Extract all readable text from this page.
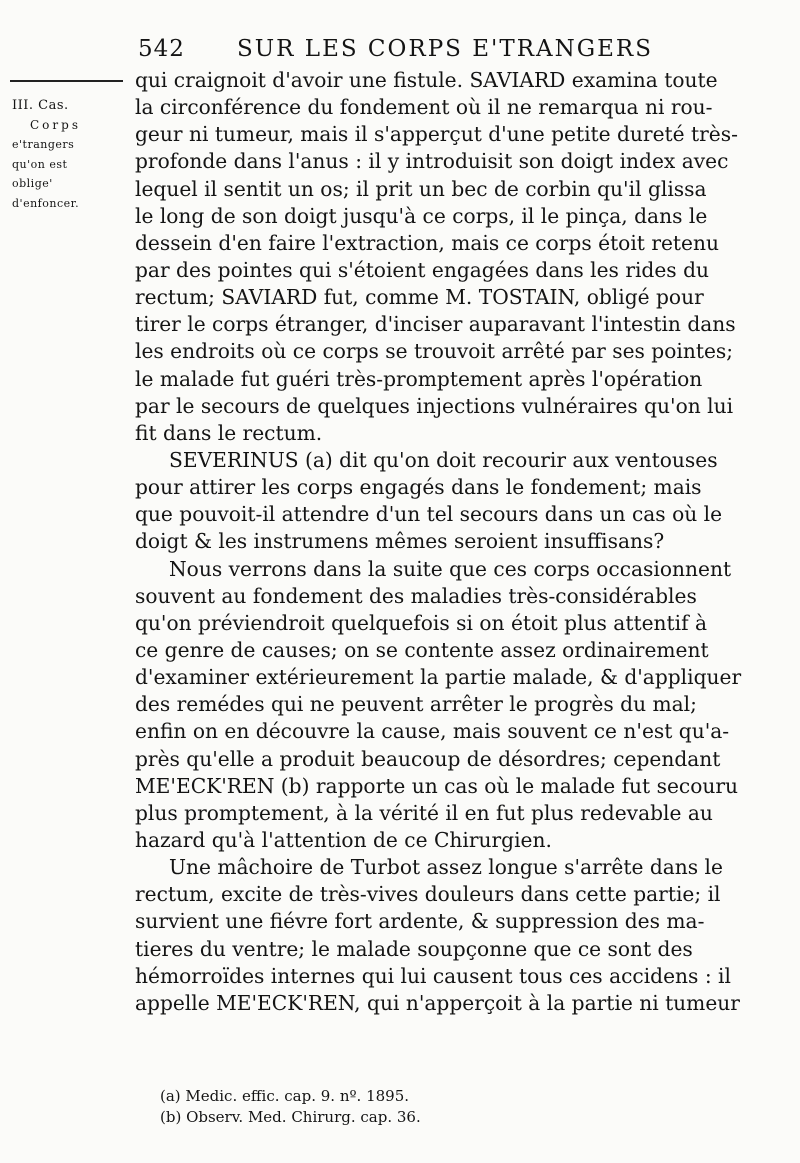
542 SUR LES CORPS E'TRANGERS
III. Cas.
Corps
e'trangers
qu'on est
oblige'
d'enfoncer.
qui craignoit d'avoir une fistule. SAVIARD examina toute
la circonférence du fondement où il ne remarqua ni rou-
geur ni tumeur, mais il s'apperçut d'une petite dureté très-
profonde dans l'anus : il y introduisit son doigt index avec
lequel il sentit un os; il prit un bec de corbin qu'il glissa
le long de son doigt jusqu'à ce corps, il le pinça, dans le
dessein d'en faire l'extraction, mais ce corps étoit retenu
par des pointes qui s'étoient engagées dans les rides du
rectum; SAVIARD fut, comme M. TOSTAIN, obligé pour
tirer le corps étranger, d'inciser auparavant l'intestin dans
les endroits où ce corps se trouvoit arrêté par ses pointes;
le malade fut guéri très-promptement après l'opération
par le secours de quelques injections vulnéraires qu'on lui
fit dans le rectum.
SEVERINUS (a) dit qu'on doit recourir aux ventouses
pour attirer les corps engagés dans le fondement; mais
que pouvoit-il attendre d'un tel secours dans un cas où le
doigt & les instrumens mêmes seroient insuffisans?
Nous verrons dans la suite que ces corps occasionnent
souvent au fondement des maladies très-considérables
qu'on préviendroit quelquefois si on étoit plus attentif à
ce genre de causes; on se contente assez ordinairement
d'examiner extérieurement la partie malade, & d'appliquer
des remédes qui ne peuvent arrêter le progrès du mal;
enfin on en découvre la cause, mais souvent ce n'est qu'a-
près qu'elle a produit beaucoup de désordres; cependant
ME'ECK'REN (b) rapporte un cas où le malade fut secouru
plus promptement, à la vérité il en fut plus redevable au
hazard qu'à l'attention de ce Chirurgien.
Une mâchoire de Turbot assez longue s'arrête dans le
rectum, excite de très-vives douleurs dans cette partie; il
survient une fiévre fort ardente, & suppression des ma-
tieres du ventre; le malade soupçonne que ce sont des
hémorroïdes internes qui lui causent tous ces accidens : il
appelle ME'ECK'REN, qui n'apperçoit à la partie ni tumeur
(a) Medic. effic. cap. 9. nº. 1895.
(b) Observ. Med. Chirurg. cap. 36.
